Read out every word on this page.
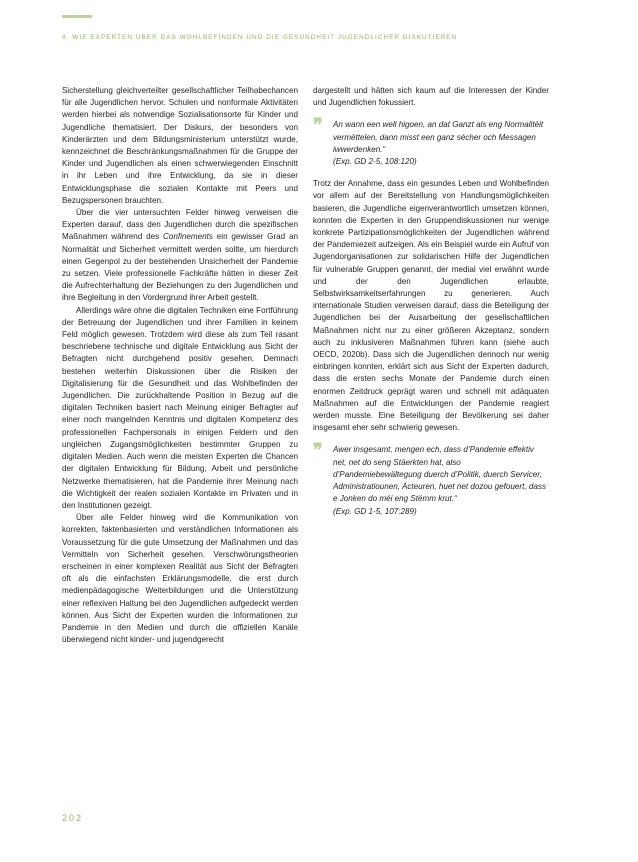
8. WIE EXPERTEN ÜBER DAS WOHLBEFINDEN UND DIE GESUNDHEIT JUGENDLICHER DISKUTIEREN

Sicherstellung gleichverteilter gesellschaftlicher Teilhabechancen für alle Jugendlichen hervor. Schulen und nonformale Aktivitäten werden hierbei als notwendige Sozialisationsorte für Kinder und Jugendliche thematisiert. Der Diskurs, der besonders von Kinderärzten und dem Bildungsministerium unterstützt wurde, kennzeichnet die Beschränkungsmaßnahmen für die Gruppe der Kinder und Jugendlichen als einen schwerwiegenden Einschnitt in ihr Leben und ihre Entwicklung, da sie in dieser Entwicklungsphase die sozialen Kontakte mit Peers und Bezugspersonen brauchten.

Über die vier untersuchten Felder hinweg verweisen die Experten darauf, dass den Jugendlichen durch die spezifischen Maßnahmen während des Confinements ein gewisser Grad an Normalität und Sicherheit vermittelt werden sollte, um hierdurch einen Gegenpol zu der bestehenden Unsicherheit der Pandemie zu setzen. Viele professionelle Fachkräfte hätten in dieser Zeit die Aufrechterhaltung der Beziehungen zu den Jugendlichen und ihre Begleitung in den Vordergrund ihrer Arbeit gestellt.

Allerdings wäre ohne die digitalen Techniken eine Fortführung der Betreuung der Jugendlichen und ihrer Familien in keinem Feld möglich gewesen. Trotzdem wird diese als zum Teil rasant beschriebene technische und digitale Entwicklung aus Sicht der Befragten nicht durchgehend positiv gesehen. Demnach bestehen weiterhin Diskussionen über die Risiken der Digitalisierung für die Gesundheit und das Wohlbefinden der Jugendlichen. Die zurückhaltende Position in Bezug auf die digitalen Techniken basiert nach Meinung einiger Befragter auf einer noch mangelnden Kenntnis und digitalen Kompetenz des professionellen Fachpersonals in einigen Feldern und den ungleichen Zugangsmöglichkeiten bestimmter Gruppen zu digitalen Medien. Auch wenn die meisten Experten die Chancen der digitalen Entwicklung für Bildung, Arbeit und persönliche Netzwerke thematisieren, hat die Pandemie ihrer Meinung nach die Wichtigkeit der realen sozialen Kontakte im Privaten und in den Institutionen gezeigt.

Über alle Felder hinweg wird die Kommunikation von korrekten, faktenbasierten und verständlichen Informationen als Voraussetzung für die gute Umsetzung der Maßnahmen und das Vermitteln von Sicherheit gesehen. Verschwörungstheorien erscheinen in einer komplexen Realität aus Sicht der Befragten oft als die einfachsten Erklärungsmodelle, die erst durch medienpädagogische Weiterbildungen und die Unterstützung einer reflexiven Haltung bei den Jugendlichen aufgedeckt werden können. Aus Sicht der Experten wurden die Informationen zur Pandemie in den Medien und durch die offiziellen Kanäle überwiegend nicht kinder- und jugendgerecht

dargestellt und hätten sich kaum auf die Interessen der Kinder und Jugendlichen fokussiert.

❞ An wann een well higoen, an dat Ganzt als eng Normalitéit vermëttelen, dann misst een ganz sécher och Messagen iwwerdenken.“
(Exp. GD 2-5, 108:120)

Trotz der Annahme, dass ein gesundes Leben und Wohlbefinden vor allem auf der Bereitstellung von Handlungsmöglichkeiten basieren, die Jugendliche eigenverantwortlich umsetzen können, konnten die Experten in den Gruppendiskussionen nur wenige konkrete Partizipationsmöglichkeiten der Jugendlichen während der Pandemiezeit aufzeigen. Als ein Beispiel wurde ein Aufruf von Jugendorganisationen zur solidarischen Hilfe der Jugendlichen für vulnerable Gruppen genannt, der medial viel erwähnt wurde und der den Jugendlichen erlaubte, Selbstwirksamkeitserfahrungen zu generieren. Auch internationale Studien verweisen darauf, dass die Beteiligung der Jugendlichen bei der Ausarbeitung der gesellschaftlichen Maßnahmen nicht nur zu einer größeren Akzeptanz, sondern auch zu inklusiveren Maßnahmen führen kann (siehe auch OECD, 2020b). Dass sich die Jugendlichen dennoch nur wenig einbringen konnten, erklärt sich aus Sicht der Experten dadurch, dass die ersten sechs Monate der Pandemie durch einen enormen Zeitdruck geprägt waren und schnell mit adäquaten Maßnahmen auf die Entwicklungen der Pandemie reagiert werden musste. Eine Beteiligung der Bevölkerung sei daher insgesamt eher sehr schwierig gewesen.

❞ Awer insgesamt, mengen ech, dass d’Pandemie effektiv net, net do seng Stäerkten hat, also d’Pandemiebewältegung duerch d’Politik, duerch Servicer, Administratiounen, Acteuren, huet net dozou gefouert, dass e Jonken do méi eng Stëmm krut.“
(Exp. GD 1-5, 107:289)
202
